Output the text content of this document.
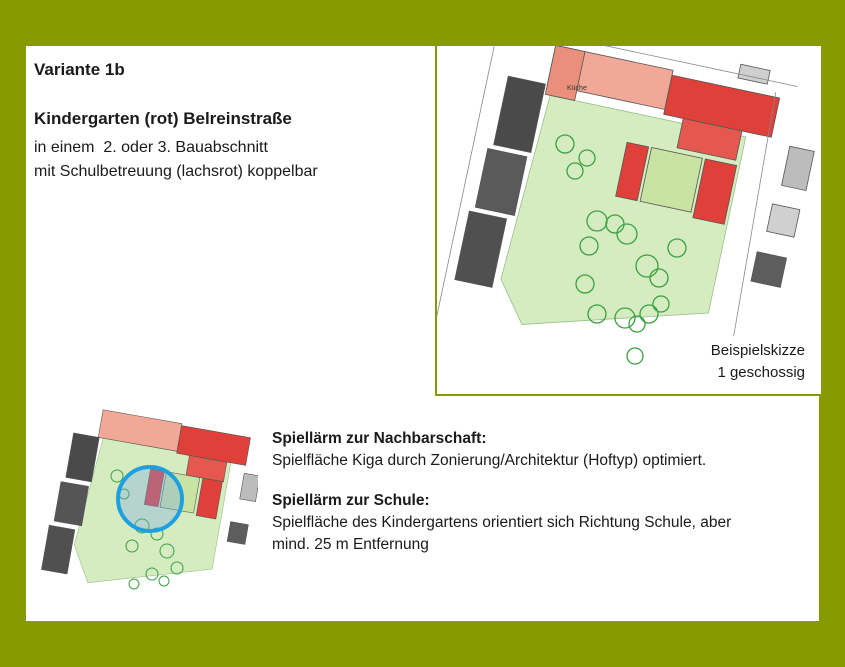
Variante 1b
Kindergarten (rot) Belreinstraße
in einem  2. oder 3. Bauabschnitt
mit Schulbetreuung (lachsrot) koppelbar
Küche
Beispielskizze
1 geschossig
Spiellärm zur Nachbarschaft:

Spielfläche Kiga durch Zonierung/Architektur (Hoftyp) optimiert.

Spiellärm zur Schule:

Spielfläche des Kindergartens orientiert sich Richtung Schule, aber

mind. 25 m Entfernung
